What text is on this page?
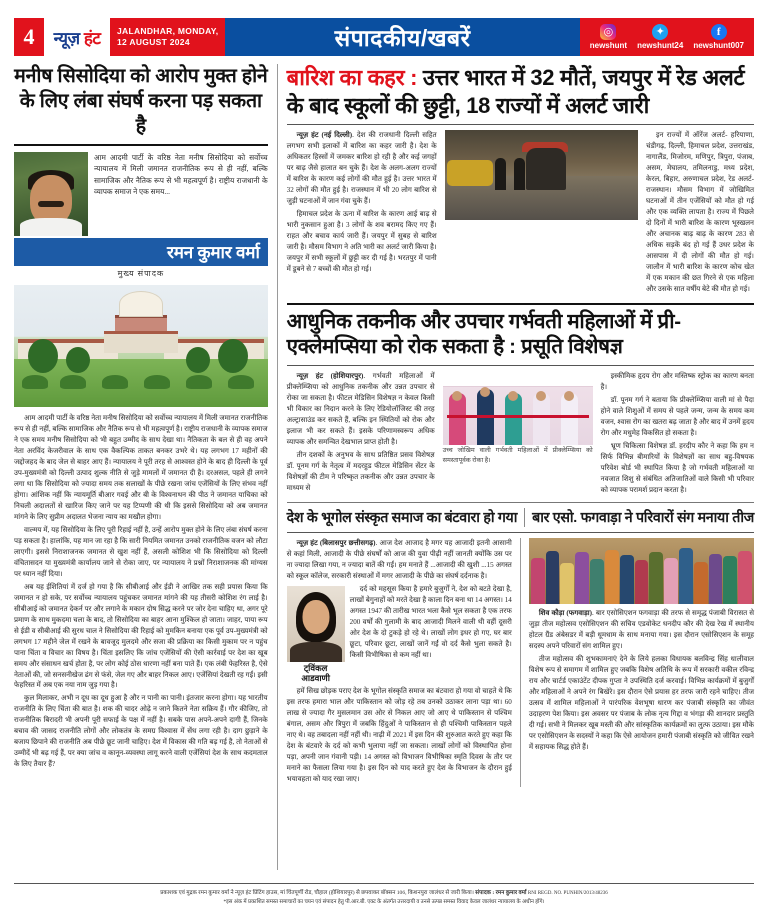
4	न्यूज़ हंट JALANDHAR, MONDAY,
12 AUGUST 2024	संपादकीय/खबरें	◎
newshunt
✦
newshunt24
f
newshunt007
मनीष सिसोदिया को आरोप मुक्त होने के लिए लंबा संघर्ष करना पड़ सकता है
आम आदमी पार्टी के वरिष्ठ नेता मनीष सिसोदिया को सर्वोच्च न्यायालय में मिली जमानत राजनीतिक रूप से ही नहीं, बल्कि सामाजिक और नैतिक रूप से भी महत्वपूर्ण है। राष्ट्रीय राजधानी के व्यापक समाज ने एक समय...
रमन कुमार वर्मा
मुख्य संपादक

आम आदमी पार्टी के वरिष्ठ नेता मनीष सिसोदिया को सर्वोच्च न्यायालय में मिली जमानत राजनीतिक रूप से ही नहीं, बल्कि सामाजिक और नैतिक रूप से भी महत्वपूर्ण है। राष्ट्रीय राजधानी के व्यापक समाज ने एक समय मनीष सिसोदिया को भी बहुत उम्मीद के साथ देखा था। नैतिकता के बल से ही वह अपने नेता अरविंद केजरीवाल के साथ एक वैकल्पिक ताकत बनकर उभरे थे। यह लगभग 17 महीनों की जद्दोजहद के बाद जेल से बाहर आए हैं। न्यायालय ने पूरी तरह से आश्वस्त होने के बाद ही दिल्ली के पूर्व उप-मुख्यमंत्री को दिल्ली उत्पाद शुल्क नीति से जुड़े मामलों में जमानत दी है। दरअसल, पहले ही लगने लगा था कि सिसोदिया को ज्यादा समय तक सलाखों के पीछे रखना जांच एजेंसियों के लिए संभव नहीं होगा। आंशिक नहीं कि न्यायमूर्ति बीआर गवई और बी के विश्वनाथन की पीठ ने जमानत याचिका को निचली अदालतों से खारिज किए जाने पर यह टिप्पणी की थी कि इससे सिसोदिया को अब जमानत मांगने के लिए सुप्रीम अदालत भेजना न्याय का मखौल होगा।

वाल्मय में, यह सिसोदिया के लिए पूरी रिहाई नहीं है, उन्हें आरोप मुक्त होने के लिए लंबा संघर्ष करना पड़ सकता है। हालांकि, यह मान जा रहा है कि सारी नियमित जमानत उनको राजनीतिक वजन को लौटा लाएगी। इससे निराशाजनक जमानत से खुश नहीं हैं, असली कोशिश भी कि सिसोदिया को दिल्ली वंचितासदन या मुख्यमंत्री कार्यालय जाने से रोका जाए, पर न्यायालय ने प्रश्नों निराशाजनक की मांग्यस पर ध्यान नहीं दिया।

अब यह ईशितियां में दर्ज हो गया है कि सीबीआई और ईडी ने आखिर तक सही प्रयास किया कि जमानत न हो सके, पर सर्वोच्च न्यायालय पहुंचकर जमानत मांगने की यह तीसरी कोशिश रंग लाई है। सीबीआई को जमानत देकर्न पर और लगाने के मकान दोष सिद्ध करने पर जोर देना चाहिए था, अगर पूरे प्रमाण के साथ मुकदमा चला के बाद, तो सिसोदिया का बाहर आना मुश्किल हो जाता। जाहर, पाया रूप से ईडी व सीबीआई की सुरध चाल ने सिसोदिया की रिहाई को मुमकिन बनाया एक पूर्व उप-मुख्यमंत्री को लगभग 17 महीने जेल में रखने के बावजूद मुलदमे और सजा की प्रक्रिया का किसी मुकाम पर न पहुंच पाना चिंता व विचार का विषय है। चिंता इसलिए कि जांच एजेंसियों की ऐसी कार्रवाई पर देश का खूब समय और संसाधन खर्च होता है, पर लोग कोई ठोस धारणा नहीं बना पाते हैं। एक लंबी फेहरिस्त है, ऐसे नेताओं की, जो सनसनीखेज ढंग से फंसे, जेल गए और बाहर निकल आए। एजेंसियां देखती रह गईं। इसी फेहरिस्त में अब एक नया नाम जुड़ गया है।

कुल मिलाकर, अभी न दूध का दूध हुआ है और न पानी का पानी। इंतजार करना होगा। यह भारतीय राजनीति के लिए चिंता की बात है। शक की चादर ओढ़े न जाने कितने नेता सक्रिय हैं। गौर कीजिए, तो राजनीतिक बिरादरी भी अपनी पूरी सफाई के पक्ष में नहीं है। सबके पास अपने-अपने दागी हैं, जिनके बचाव की जासद राजनीति लोगों और लोकतंत्र के समग्र विश्वास में सेंध लगा रही है। दाग छुड़ाने के बजाय छिपाने की राजनीति अब पीछे छूट जानी चाहिए। देश में विकास की गति बढ़ गई है, तो नेताओं से उम्मीदें भी बढ़ गई हैं, पर क्या जांच व कानून-व्यवस्था लागू करने वाली एजेंसियां देश के साथ कदमताल के लिए तैयार हैं?

बारिश का कहर : उत्तर भारत में 32 मौतें, जयपुर में रेड अलर्ट के बाद स्कूलों की छुट्टी, 18 राज्यों में अलर्ट जारी

न्यूज़ हंट (नई दिल्ली). देश की राजधानी दिल्ली सहित लगभग सभी इलाकों में बारिश का कहर जारी है। देश के अधिकतर हिस्सों में जमकर बारिश हो रही है और कई जगहों पर बाढ़ जैसे हालात बन चुके हैं। देश के अलग-अलग राज्यों में बारिश के कारण कई लोगों की मौत हुई है। उत्तर भारत में 32 लोगों की मौत हुई है। राजस्थान में भी 20 लोग बारिश से जुड़ी घटनाओं में जान गंवा चुके हैं।

हिमाचल प्रदेश के ऊना में बारिश के कारण आई बाढ़ से भारी नुकसान हुआ है। 3 लोगों के शव बरामद किए गए हैं। राहत और बचाव कार्य जारी हैं। जयपुर में सुबह से बारिश जारी है। मौसम विभाग ने अति भारी का अलर्ट जारी किया है। जयपुर में सभी स्कूलों में छुट्टी कर दी गई है। भरतपुर में पानी में डूबने से 7 बच्चों की मौत हो गई।

इन राज्यों में ऑरेंज अलर्ट- हरियाणा, चंडीगढ़, दिल्ली, हिमाचल प्रदेश, उत्तराखंड, नागालैंड, मिजोरम, मणिपुर, त्रिपुरा, पंजाब, असम, मेघालय, तमिलनाडु, मध्य प्रदेश, केरल, बिहार, अरुणाचल प्रदेश, रेड अलर्ट- राजस्थान। मौसम विभाग में जोखिमित घटनाओं में तीन एजेंसियों को मौत हो गई और एक व्यक्ति लापता है। राज्य में पिछले दो दिनों में भारी बारिश के कारण भूस्खलन और अचानक बाढ़ बाढ़ के कारण 283 से अधिक सड़कें बंद हो गई हैं उधर प्रदेश के आसपास में दी लोगों की मौत हो गई। जालौन में भारी बारिश के कारण कोच खेत में एक मकान की छत गिरने से एक महिला और उसके सात वर्षीय बेटे की मौत हो गई।

आधुनिक तकनीक और उपचार गर्भवती महिलाओं में प्री-एक्लेमप्सिया को रोक सकता है : प्रसूति विशेषज्ञ

न्यूज़ हंट (होशियारपुर). गर्भवती महिलाओं में प्रीक्लेम्प्सिया को आधुनिक तकनीक और उन्नत उपचार से रोका जा सकता है। फीटल मेडिसिन विशेषज्ञ न केवल किसी भी विकार का निदान करने के लिए रेडियोलॉजिस्ट की तरह अल्ट्रासाउंड कर सकते हैं, बल्कि इन स्थितियों को रोक और इलाज भी कर सकते हैं। इसके परिणामस्वरूप अधिक व्यापक और समन्वित देखभाल प्राप्त होती है।

तीन दशकों के अनुभव के साथ प्रतिष्ठित प्रसव विशेषज्ञ डॉ. पूनम गर्ग के नेतृत्व में मदरहुड फीटल मेडिसिन सेंटर के विशेषज्ञों की टीम ने परिष्कृत तकनीक और उन्नत उपचार के माध्यम से

उच्च जोखिम वाली गर्भवती महिलाओं में प्रीक्लेम्प्सिया को समस्तापूर्वक रोका है।

इस्कीमिक हृदय रोग और मस्तिष्क स्ट्रोक का कारण बनता है।

डॉ. पूनम गर्ग ने बताया कि प्रीक्लेम्प्सिया वाली मां से पैदा होने वाले शिशुओं में समय से पहले जन्म, जन्म के समय कम वजन, श्वास रोग का खतरा बढ़ जाता है और बाद में उनमें हृदय रोग और मधुमेह विकसित हो सकता है।

भ्रूण चिकित्सा विशेषज्ञ डॉ. हरदीप कौर ने कहा कि हम न सिर्फ विभिन्न बीमारियों के विशेषज्ञों का साथ बहु-विषयक परिवेश बोर्ड भी स्थापित किया है जो गर्भवती महिलाओं या नवजात शिशु से संबंधित अतिजातिओं वाले किसी भी परिवार को व्यापक परामर्श प्रदान करता है।

देश के भूगोल संस्कृत समाज का बंटवारा हो गया बार एसो. फगवाड़ा ने परिवारों संग मनाया तीज

न्यूज़ हंट (बिलासपुर छत्तीसगढ़). आज देश आजाद है मगर यह आजादी इतनी आसानी से कहां मिली, आजादी के पीछे संघर्षों को आज की युवा पीढ़ी नहीं जानती क्योंकि उस पर ना ज्यादा लिखा गया, न ज्यादा बातें की गईं। हम मनाते हैं ...आजादी की खुशी ...15 अगस्त को स्कूल कॉलेज, सरकारी संस्थाओं में मगर आजादी के पीछे का संघर्ष दर्दनाक है।

दर्द को महसूस किया है हमारे बुजुर्गों ने, देश को बटते देखा है, लाखों बेगुनाहों को मरते देखा है काला दिन बना था 14 अगस्त। 14 अगस्त 1947 की तारीख भारत भला कैसे भूल सकता है एक तरफ 200 वर्षों की गुलामी के बाद आजादी मिलने वाली थी वहीं दूसरी ओर देश के दो टुकड़े हो रहे थे। लाखों लोग इधर हो गए, घर बार छूटा, परिवार छूटा, लाखों जानें गईं वो दर्द कैसे भुला सकते है। किसी विभीषिका से कम नहीं था।

ट्विंकल
आडवाणी

हमें सिख छोड़क पराए देश के भूगोल संस्कृति समाज का बंटवारा हो गया वो चाहते थे कि इस तरफ हमारा भाल और पाकिस्तान को जोड़ रहे तब उनको उठाकर लाना पड़ा था। 60 लाख से ज्यादा गैर मुसलमान उस ओर से निकल आए जो आए थे पाकिस्तान से पश्चिम बंगाल, असम और त्रिपुरा में जबकि हिंदुओं ने पाकिस्तान से ही पश्चिमी पाकिस्तान पहले नाए थे। वह तबादला नहीं नहीं थी। नाढ़ी में 2021 में इस दिन की शुरुआत करते हुए कहा कि देश के बंटवारे के दर्द को कभी भुलाया नहीं जा सकता। लाखों लोगों को विस्थापित होना पड़ा, अपनी जान गंवानी पड़ी। 14 अगस्त को विभाजन विभीषिका स्मृति दिवस के तौर पर मनाने का फैसला लिया गया है। इस दिन को याद करते हुए देश के विभाजन के दौरान हुई भयावहता को याद रखा जाए।

शिव कौड़ा (फगवाड़ा). बार एसोसिएशन फगवाड़ा की तरफ से समृद्ध पंजाबी विरासत से जुड़ा तीज महोत्सव एसोसिएशन की सचिव एडवोकेट धनदीप कौर की देख रेख में स्थानीय होटल ग्रैंड अंबेसडर में बड़ी धूमधाम के साथ मनाया गया। इस दौरान एसोसिएशन के समूह सदस्य अपने परिवारों संग शामिल हुए।

तीज महोत्सव की शुभकामनाएं देने के लिये हलका विधायक बलविन्द्र सिंह धालीवाल विशेष रूप से समागम में शामिल हुए जबकि विशेष अतिथि के रूप में सरकारी वकील रविन्द्र राय और चार्टर्ड एकाउंटेंट दीपक गुप्ता ने उपस्थिति दर्ज करवाई। विभिन्न कार्यक्रमों में बुजुर्गों और महिलाओं ने अपने रंग बिखेरे। इस दौरान ऐसे प्रयास हर तरफ जारी रहने चाहिए। तीज उत्सव में शामिल महिलाओं ने पारंपरिक वेशभूषा धारण कर पंजाबी संस्कृति का जीवंत उदाहरण पेश किया। इस अवसर पर पंजाब के लोक नृत्य गिद्दा व भंगड़ा की शानदार प्रस्तुति दी गई। सभी ने मिलकर खूब मस्ती की और सांस्कृतिक कार्यक्रमों का लुत्फ उठाया। इस मौके पर एसोसिएशन के सदस्यों ने कहा कि ऐसे आयोजन हमारी पंजाबी संस्कृति को जीवित रखने में सहायक सिद्ध होते हैं।

प्रकाशक एवं मुद्रक रमन कुमार वर्मा ने न्यूज़ हंट प्रिंटिंग हाउस, मां चिंतपूर्णी रोड, चौहाल (होशियारपुर) से छपवाकर बॉक्सन 106, किशनपुरा जालंधर से जारी किया। संपादक : रमन कुमार वर्मा RNI REGD. NO. PUNHIN/2013/48236
*इस अंक में प्रकाशित समस्त समाचारों का चयन एवं संपादन हेतु पी.आर.बी. एक्ट के अंतर्गत उत्तरदायी व उनसे उत्पन्न समस्त विवाद केवल जालंधर न्यायालय के अधीन होंगे।
